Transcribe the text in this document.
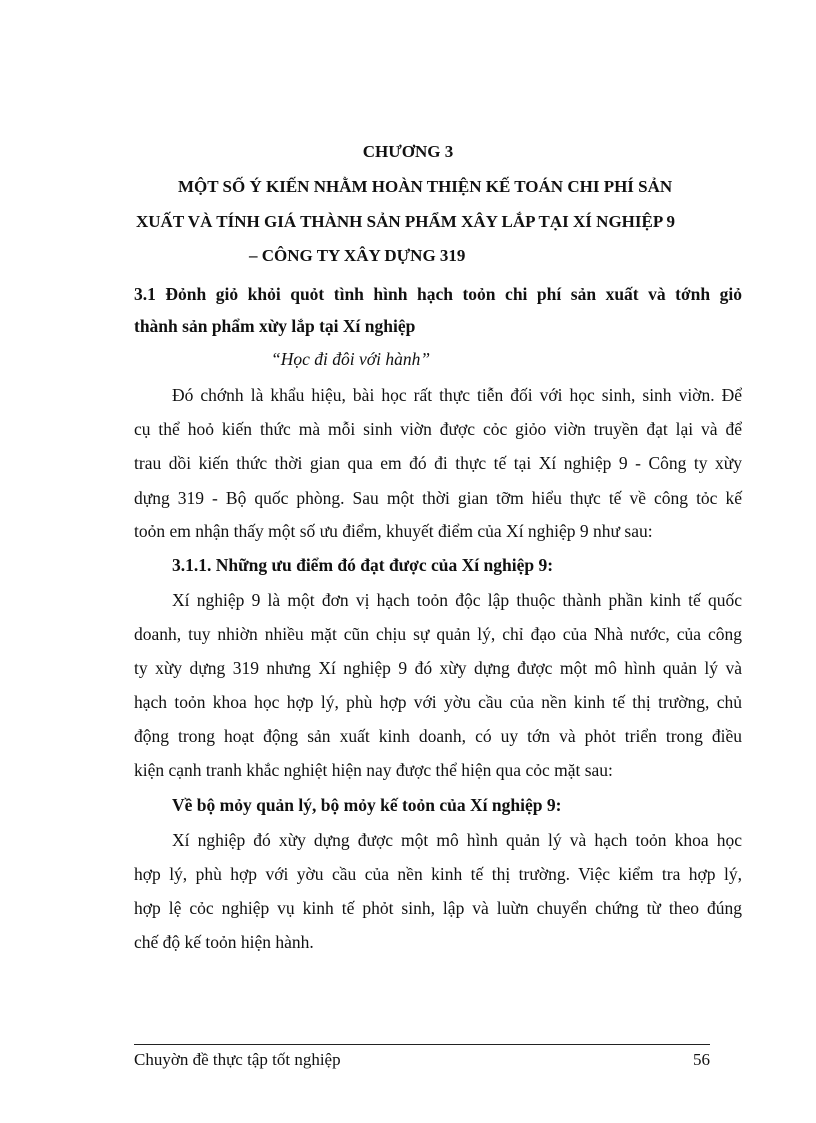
CHƯƠNG 3
MỘT SỐ Ý KIẾN NHẰM HOÀN THIỆN KẾ TOÁN CHI PHÍ SẢN
XUẤT VÀ TÍNH GIÁ THÀNH SẢN PHẨM XÂY LẮP TẠI XÍ NGHIỆP 9
– CÔNG TY XÂY DỰNG 319
3.1 Đỏnh giỏ khỏi quỏt tình hình hạch toỏn chi phí sản xuất và tớnh giỏ
thành sản phẩm xừy lắp tại Xí nghiệp
“Học đi đôi với hành”
Đó chớnh là khẩu hiệu, bài học rất thực tiễn đối với học sinh, sinh viờn. Để
cụ thể hoỏ kiến thức mà mỗi sinh viờn được cỏc giỏo viờn truyền đạt lại và để
trau dồi kiến thức thời gian qua em đó đi thực tế tại Xí nghiệp 9 - Công ty xừy
dựng 319 - Bộ quốc phòng. Sau một thời gian tỡm hiểu thực tế về công tỏc kế
toỏn em nhận thấy một số ưu điểm, khuyết điểm của Xí nghiệp 9 như sau:
3.1.1. Những ưu điểm đó đạt được của Xí nghiệp 9:
Xí nghiệp 9 là một đơn vị hạch toỏn độc lập thuộc thành phần kinh tế quốc
doanh, tuy nhiờn nhiều mặt cũn chịu sự quản lý, chỉ đạo của Nhà nước, của công
ty xừy dựng 319 nhưng Xí nghiệp 9 đó xừy dựng được một mô hình quản lý và
hạch toỏn khoa học hợp lý, phù hợp với yờu cầu của nền kinh tế thị trường, chủ
động trong hoạt động sản xuất kinh doanh, có uy tớn và phỏt triển trong điều
kiện cạnh tranh khắc nghiệt hiện nay được thể hiện qua cỏc mặt sau:
Về bộ mỏy quản lý, bộ mỏy kế toỏn của Xí nghiệp 9:
Xí nghiệp đó xừy dựng được một mô hình quản lý và hạch toỏn khoa học
hợp lý, phù hợp với yờu cầu của nền kinh tế thị trường. Việc kiểm tra hợp lý,
hợp lệ cỏc nghiệp vụ kinh tế phỏt sinh, lập và luừn chuyển chứng từ theo đúng
chế độ kế toỏn hiện hành.
Chuyờn đề thực tập tốt nghiệp	56
